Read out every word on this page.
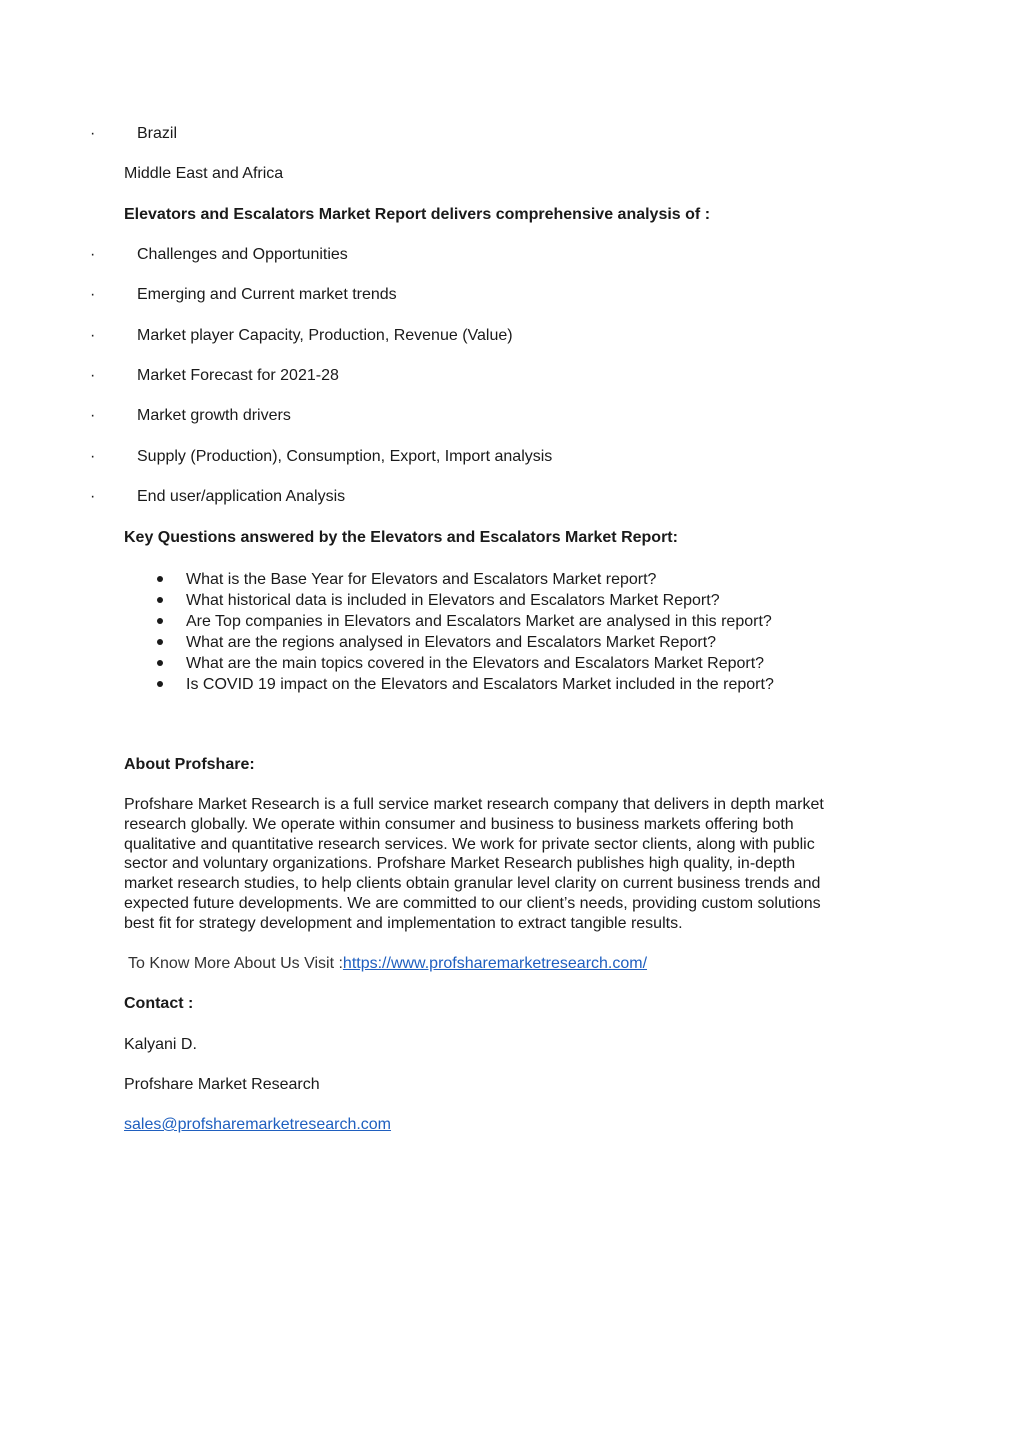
·	Brazil
Middle East and Africa
Elevators and Escalators Market Report delivers comprehensive analysis of :
·	Challenges and Opportunities
·	Emerging and Current market trends
·	Market player Capacity, Production, Revenue (Value)
·	Market Forecast for 2021-28
·	Market growth drivers
·	Supply (Production), Consumption, Export, Import analysis
·	End user/application Analysis
Key Questions answered by the Elevators and Escalators Market Report:
What is the Base Year for Elevators and Escalators Market report?
What historical data is included in Elevators and Escalators Market Report?
Are Top companies in Elevators and Escalators Market are analysed in this report?
What are the regions analysed in Elevators and Escalators Market Report?
What are the main topics covered in the Elevators and Escalators Market Report?
Is COVID 19 impact on the Elevators and Escalators Market included in the report?
About Profshare:
Profshare Market Research is a full service market research company that delivers in depth market
research globally. We operate within consumer and business to business markets offering both
qualitative and quantitative research services. We work for private sector clients, along with public
sector and voluntary organizations. Profshare Market Research publishes high quality, in-depth
market research studies, to help clients obtain granular level clarity on current business trends and
expected future developments. We are committed to our client’s needs, providing custom solutions
best fit for strategy development and implementation to extract tangible results.
To Know More About Us Visit :https://www.profsharemarketresearch.com/
Contact :
Kalyani D.
Profshare Market Research
sales@profsharemarketresearch.com
